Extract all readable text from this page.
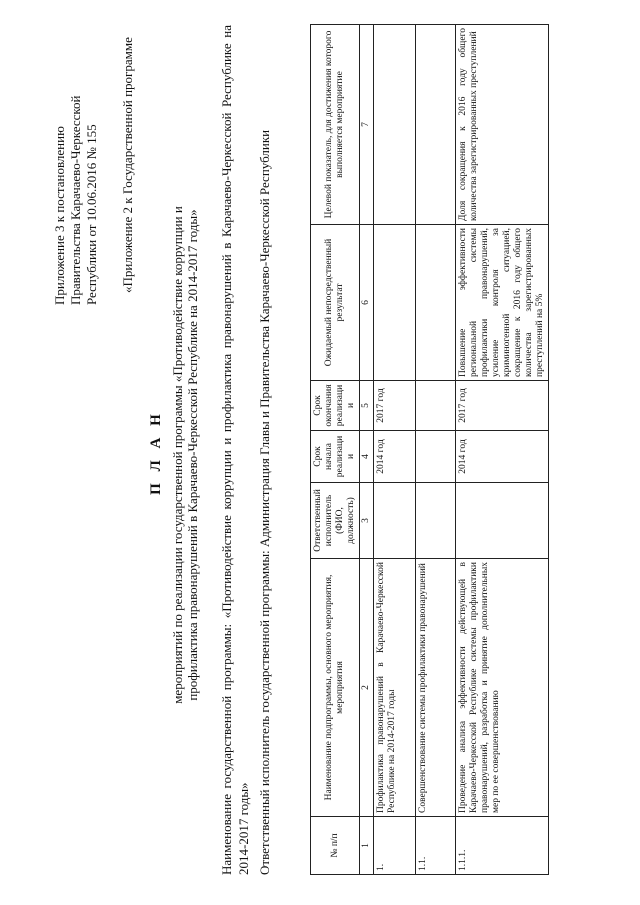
Приложение 3 к постановлению Правительства Карачаево-Черкесской Республики от 10.06.2016 № 155 «Приложение 2 к Государственной программе
П Л А Н мероприятий по реализации государственной программы «Противодействие коррупции и профилактика правонарушений в Карачаево-Черкесской Республике на 2014-2017 годы» Наименование государственной программы: «Противодействие коррупции и профилактика правонарушений в Карачаево-Черкесской Республике на 2014-2017 годы» Ответственный исполнитель государственной программы: Администрация Главы и Правительства Карачаево-Черкесской Республики	№ п/п	Наименование подпрограммы, основного мероприятия, мероприятия	Ответственный исполнитель (ФИО, должность)	Срок начала реализации	Срок окончания реализации	Ожидаемый непосредственный результат	Целевой показатель, для достижения которого выполняется мероприятие
1	2	3	4	5	6	7
1.	Профилактика правонарушений в Карачаево-Черкесской Республике на 2014-2017 годы		2014 год	2017 год		
1.1.	Совершенствование системы профилактики правонарушений					
1.1.1.	Проведение анализа эффективности действующей в Карачаево-Черкесской Республике системы профилактики правонарушений, разработка и принятие дополнительных мер по ее совершенствованию		2014 год	2017 год	Повышение эффективности региональной системы профилактики правонарушений, усиление контроля за криминогенной ситуацией, сокращение к 2016 году общего количества зарегистрированных преступлений на 5%	Доля сокращения к 2016 году общего количества зарегистрированных преступлений
